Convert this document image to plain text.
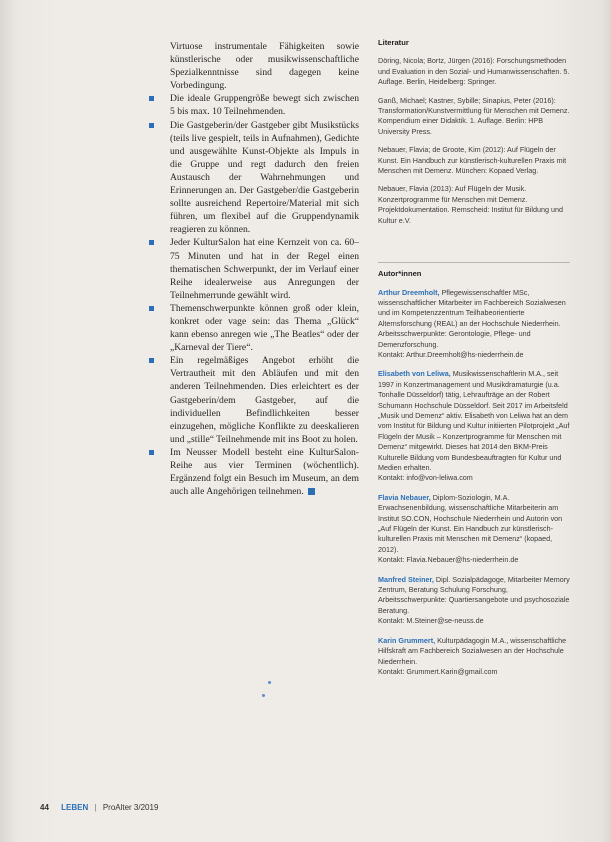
Virtuose instrumentale Fähigkeiten sowie künstlerische oder musikwissenschaftliche Spezialkenntnisse sind dagegen keine Vorbedingung.

Die ideale Gruppengröße bewegt sich zwischen 5 bis max. 10 Teilnehmenden.
Die Gastgeberin/der Gastgeber gibt Musikstücks (teils live gespielt, teils in Aufnahmen), Gedichte und ausgewählte Kunst-Objekte als Impuls in die Gruppe und regt dadurch den freien Austausch der Wahrnehmungen und Erinnerungen an. Der Gastgeber/die Gastgeberin sollte ausreichend Repertoire/Material mit sich führen, um flexibel auf die Gruppendynamik reagieren zu können.
Jeder KulturSalon hat eine Kernzeit von ca. 60–75 Minuten und hat in der Regel einen thematischen Schwerpunkt, der im Verlauf einer Reihe idealerweise aus Anregungen der Teilnehmerrunde gewählt wird.
Themenschwerpunkte können groß oder klein, konkret oder vage sein: das Thema „Glück“ kann ebenso anregen wie „The Beatles“ oder der „Karneval der Tiere“.
Ein regelmäßiges Angebot erhöht die Vertrautheit mit den Abläufen und mit den anderen Teilnehmenden. Dies erleichtert es der Gastgeberin/dem Gastgeber, auf die individuellen Befindlichkeiten besser einzugehen, mögliche Konflikte zu deeskalieren und „stille“ Teilnehmende mit ins Boot zu holen.
Im Neusser Modell besteht eine KulturSalon-Reihe aus vier Terminen (wöchentlich). Ergänzend folgt ein Besuch im Museum, an dem auch alle Angehörigen teilnehmen.
Literatur
Döring, Nicola; Bortz, Jürgen (2016): Forschungsmethoden und Evaluation in den Sozial- und Humanwissenschaften. 5. Auflage. Berlin, Heidelberg: Springer.
Ganß, Michael; Kastner, Sybille; Sinapius, Peter (2016): Transformation/Kunstvermittlung für Menschen mit Demenz. Kompendium einer Didaktik. 1. Auflage. Berlin: HPB University Press.
Nebauer, Flavia; de Groote, Kim (2012): Auf Flügeln der Kunst. Ein Handbuch zur künstlerisch-kulturellen Praxis mit Menschen mit Demenz. München: Kopaed Verlag.
Nebauer, Flavia (2013): Auf Flügeln der Musik. Konzertprogramme für Menschen mit Demenz. Projektdokumentation. Remscheid: Institut für Bildung und Kultur e.V.
Autor*innen
Arthur Dreemholt, Pflegewissenschaftler MSc, wissenschaftlicher Mitarbeiter im Fachbereich Sozialwesen und im Kompetenzzentrum Teilhabeorientierte Alternsforschung (REAL) an der Hochschule Niederrhein. Arbeitsschwerpunkte: Gerontologie, Pflege- und Demenzforschung.
Kontakt: Arthur.Dreemholt@hs-niederrhein.de
Elisabeth von Leliwa, Musikwissenschaftlerin M.A., seit 1997 in Konzertmanagement und Musikdramaturgie (u.a. Tonhalle Düsseldorf) tätig, Lehraufträge an der Robert Schumann Hochschule Düsseldorf. Seit 2017 im Arbeitsfeld „Musik und Demenz“ aktiv. Elisabeth von Leliwa hat an dem vom Institut für Bildung und Kultur initiierten Pilotprojekt „Auf Flügeln der Musik – Konzertprogramme für Menschen mit Demenz“ mitgewirkt. Dieses hat 2014 den BKM-Preis Kulturelle Bildung vom Bundesbeauftragten für Kultur und Medien erhalten.
Kontakt: info@von-leliwa.com
Flavia Nebauer, Diplom-Soziologin, M.A. Erwachsenenbildung, wissenschaftliche Mitarbeiterin am Institut SO.CON, Hochschule Niederrhein und Autorin von „Auf Flügeln der Kunst. Ein Handbuch zur künstlerisch-kulturellen Praxis mit Menschen mit Demenz“ (kopaed, 2012).
Kontakt: Flavia.Nebauer@hs-niederrhein.de
Manfred Steiner, Dipl. Sozialpädagoge, Mitarbeiter Memory Zentrum, Beratung Schulung Forschung, Arbeitsschwerpunkte: Quartiersangebote und psychosoziale Beratung.
Kontakt: M.Steiner@se-neuss.de
Karin Grummert, Kulturpädagogin M.A., wissenschaftliche Hilfskraft am Fachbereich Sozialwesen an der Hochschule Niederrhein.
Kontakt: Grummert.Karin@gmail.com
44 LEBEN | ProAlter 3/2019
